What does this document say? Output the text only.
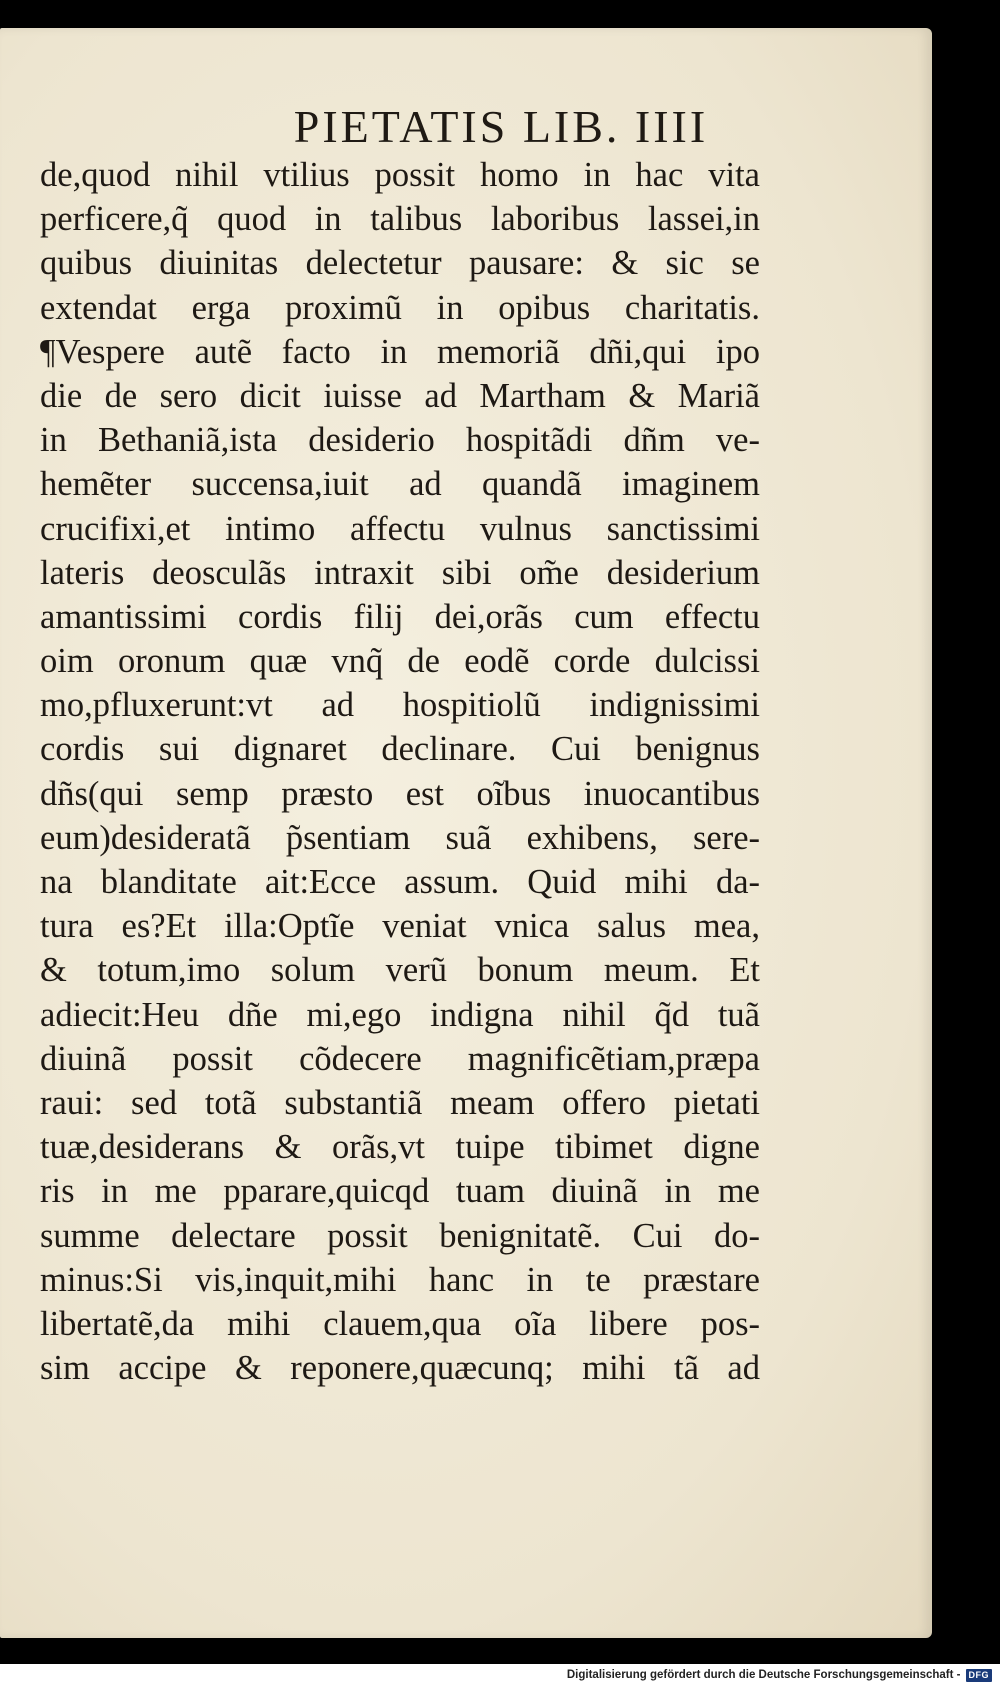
PIETATIS LIB. IIII
de,quod nihil vtilius possit homo in hac vita
perficere,q̃ quod in talibus laboribus lassei,in
quibus diuinitas delectetur pausare: & sic se
extendat erga proximũ in opibus charitatis.
¶Vespere autẽ facto in memoriã dñi,qui ipo
die de sero dicit iuisse ad Martham & Mariã
in Bethaniã,ista desiderio hospitãdi dñm ve-
hemẽter succensa,iuit ad quandã imaginem
crucifixi,et intimo affectu vulnus sanctissimi
lateris deosculãs intraxit sibi om̃e desiderium
amantissimi cordis filij dei,orãs cum effectu
oim oronum quæ vnq̃ de eodẽ corde dulcissi
mo,pfluxerunt:vt ad hospitiolũ indignissimi
cordis sui dignaret declinare. Cui benignus
dñs(qui semp præsto est oĩbus inuocantibus
eum)desideratã p̃sentiam suã exhibens, sere-
na blanditate ait:Ecce assum. Quid mihi da-
tura es?Et illa:Optĩe veniat vnica salus mea,
& totum,imo solum verũ bonum meum. Et
adiecit:Heu dñe mi,ego indigna nihil q̃d tuã
diuinã possit cõdecere magnificẽtiam,præpa
raui: sed totã substantiã meam offero pietati
tuæ,desiderans & orãs,vt tuipe tibimet digne
ris in me pparare,quicqd tuam diuinã in me
summe delectare possit benignitatẽ. Cui do-
minus:Si vis,inquit,mihi hanc in te præstare
libertatẽ,da mihi clauem,qua oĩa libere pos-
sim accipe & reponere,quæcunq; mihi tã ad
Digitalisierung gefördert durch die Deutsche Forschungsgemeinschaft - DFG
